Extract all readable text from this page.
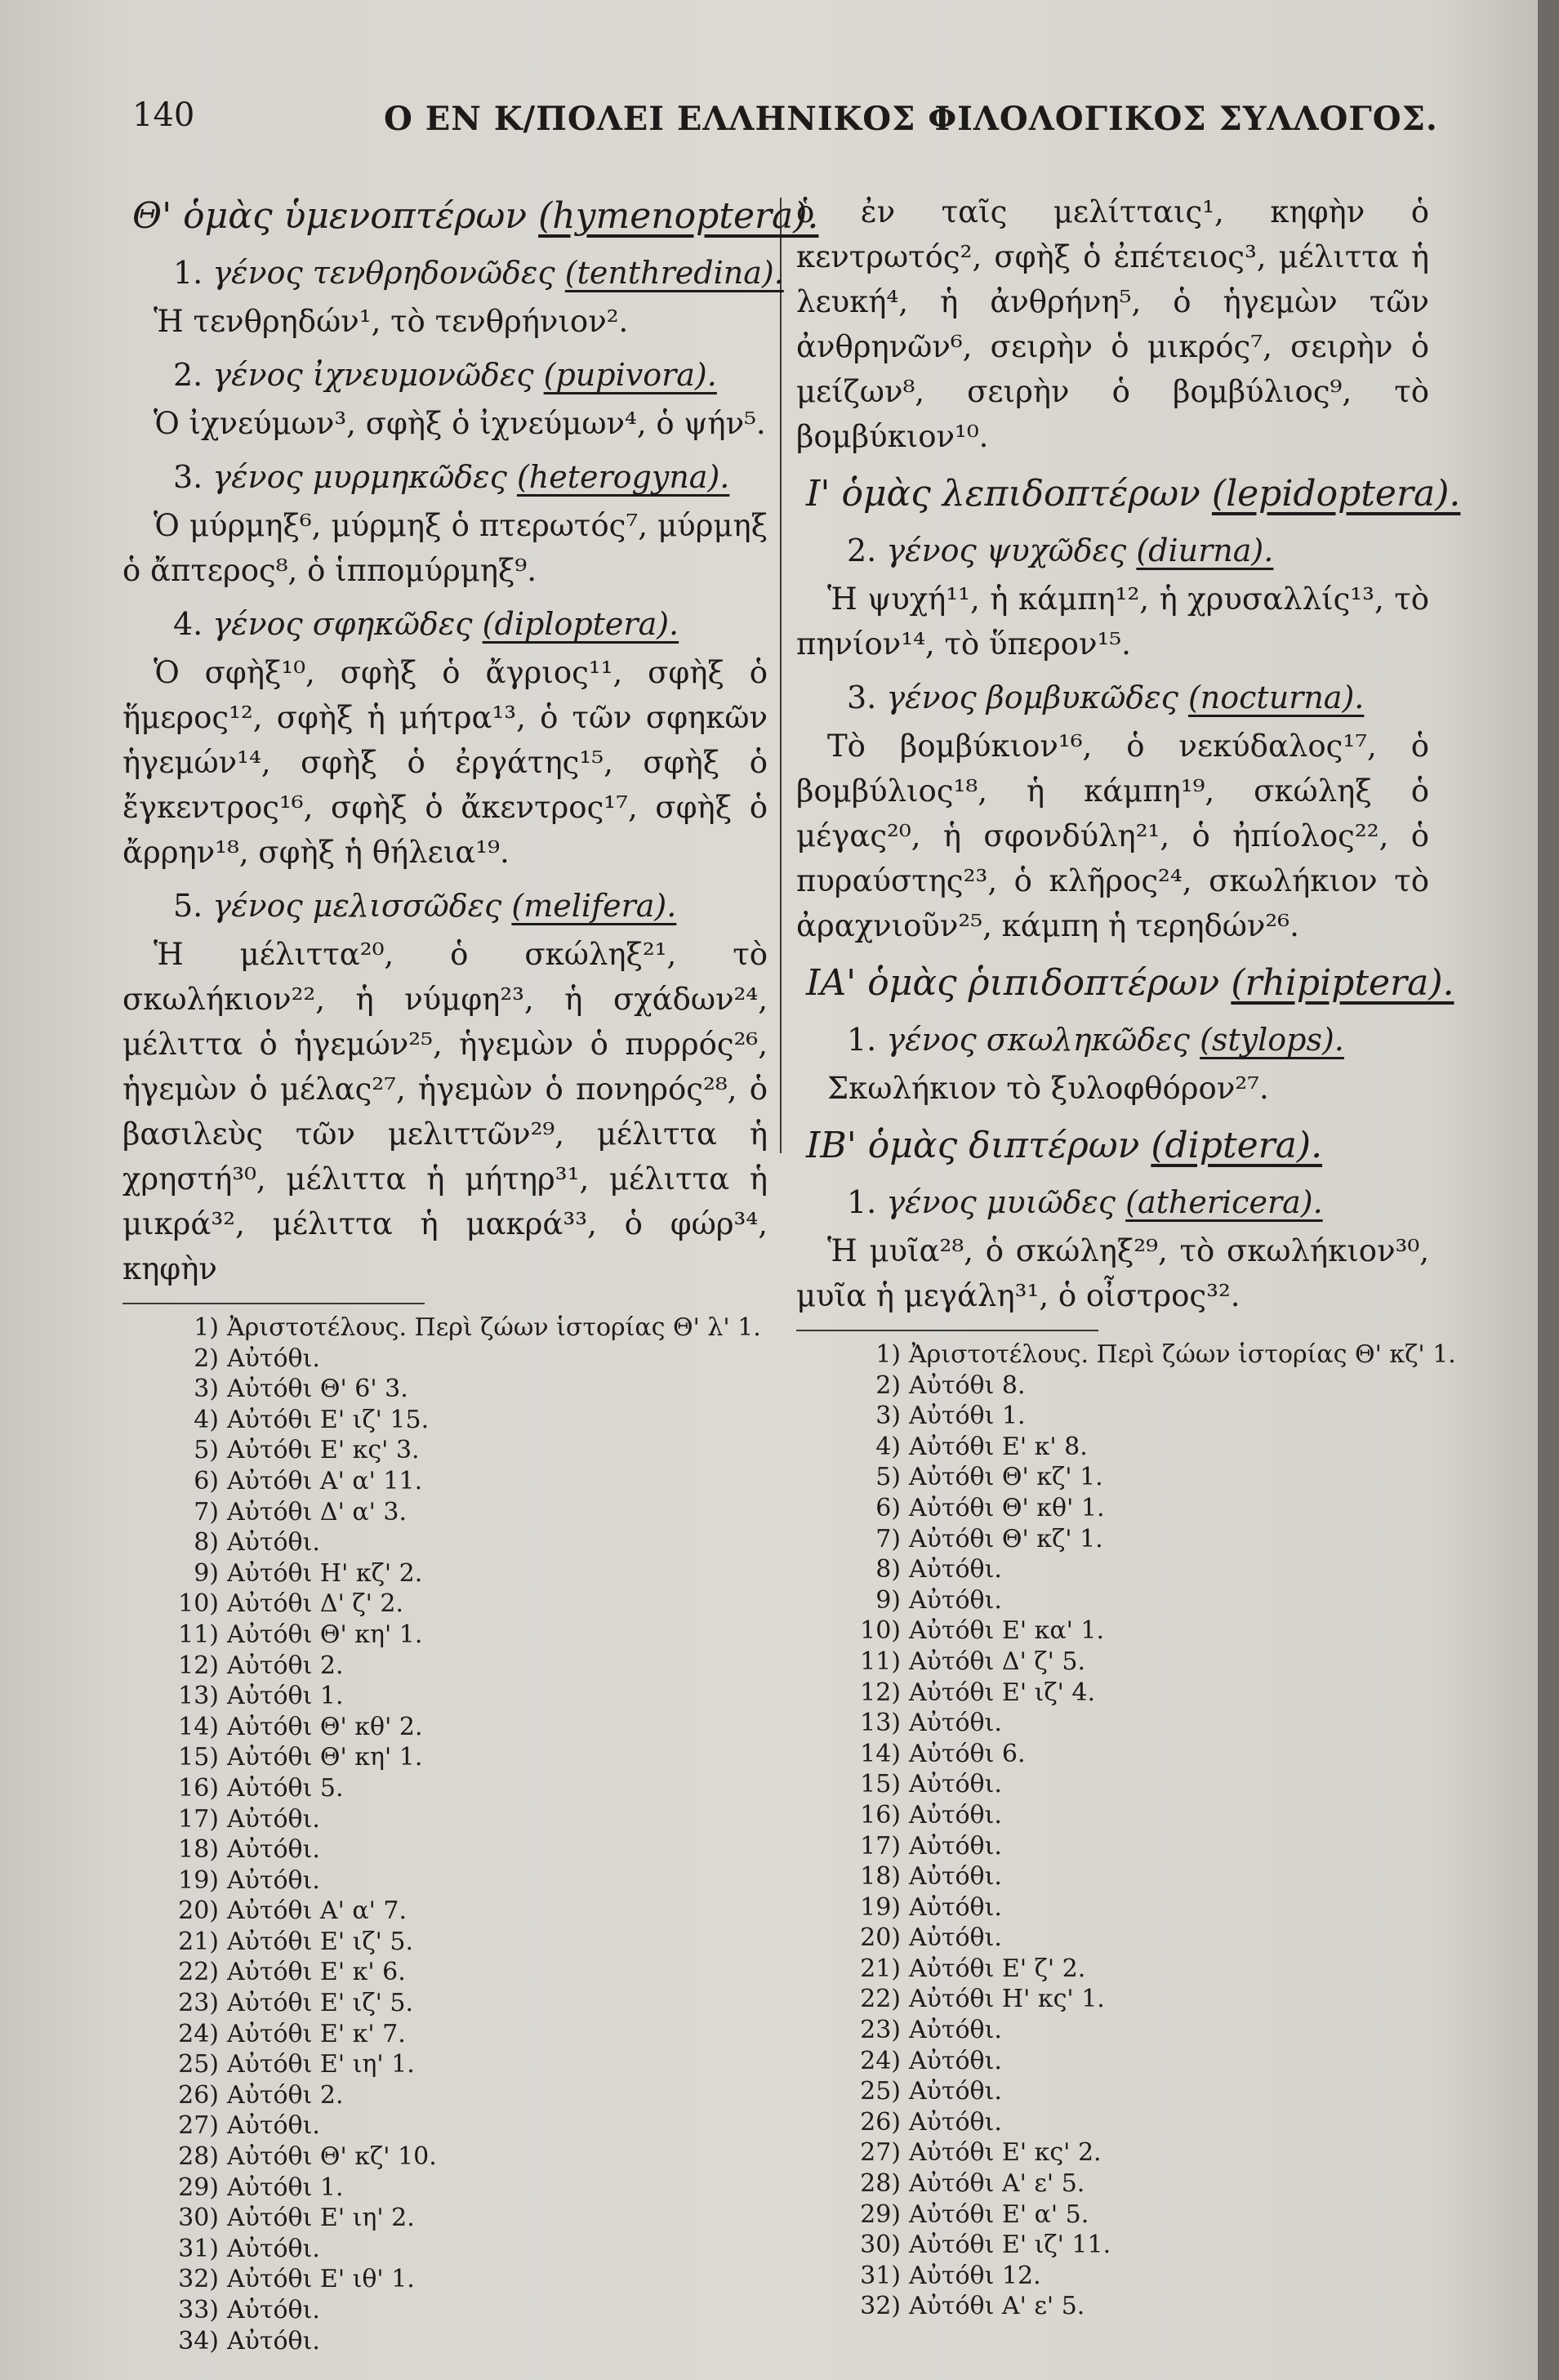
140	Ο ΕΝ Κ/ΠΟΛΕΙ ΕΛΛΗΝΙΚΟΣ ΦΙΛΟΛΟΓΙΚΟΣ ΣΥΛΛΟΓΟΣ.
Θ' ὁμὰς ὑμενοπτέρων (hymenoptera).
1. γένος τενθρηδονῶδες (tenthredina).
Ἡ τενθρηδών¹, τὸ τενθρήνιον².
2. γένος ἰχνευμονῶδες (pupivora).
Ὁ ἰχνεύμων³, σφὴξ ὁ ἰχνεύμων⁴, ὁ ψήν⁵.
3. γένος μυρμηκῶδες (heterogyna).
Ὁ μύρμηξ⁶, μύρμηξ ὁ πτερωτός⁷, μύρμηξ ὁ ἄπτερος⁸, ὁ ἱππομύρμηξ⁹.
4. γένος σφηκῶδες (diploptera).
Ὁ σφὴξ¹⁰, σφὴξ ὁ ἄγριος¹¹, σφὴξ ὁ ἥμερος¹², σφὴξ ἡ μήτρα¹³, ὁ τῶν σφηκῶν ἡγεμών¹⁴, σφὴξ ὁ ἐργάτης¹⁵, σφὴξ ὁ ἔγκεντρος¹⁶, σφὴξ ὁ ἄκεντρος¹⁷, σφὴξ ὁ ἄρρην¹⁸, σφὴξ ἡ θήλεια¹⁹.
5. γένος μελισσῶδες (melifera).
Ἡ μέλιττα²⁰, ὁ σκώληξ²¹, τὸ σκωλήκιον²², ἡ νύμφη²³, ἡ σχάδων²⁴, μέλιττα ὁ ἡγεμών²⁵, ἡγεμὼν ὁ πυρρός²⁶, ἡγεμὼν ὁ μέλας²⁷, ἡγεμὼν ὁ πονηρός²⁸, ὁ βασιλεὺς τῶν μελιττῶν²⁹, μέλιττα ἡ χρηστή³⁰, μέλιττα ἡ μήτηρ³¹, μέλιττα ἡ μικρά³², μέλιττα ἡ μακρά³³, ὁ φώρ³⁴, κηφὴν
1) Ἀριστοτέλους. Περὶ ζώων ἱστορίας Θ' λ' 1.
2) Αὐτόθι.
3) Αὐτόθι Θ' 6' 3.
4) Αὐτόθι Ε' ιζ' 15.
5) Αὐτόθι Ε' κς' 3.
6) Αὐτόθι Α' α' 11.
7) Αὐτόθι Δ' α' 3.
8) Αὐτόθι.
9) Αὐτόθι Η' κζ' 2.
10) Αὐτόθι Δ' ζ' 2.
11) Αὐτόθι Θ' κη' 1.
12) Αὐτόθι 2.
13) Αὐτόθι 1.
14) Αὐτόθι Θ' κθ' 2.
15) Αὐτόθι Θ' κη' 1.
16) Αὐτόθι 5.
17) Αὐτόθι.
18) Αὐτόθι.
19) Αὐτόθι.
20) Αὐτόθι Α' α' 7.
21) Αὐτόθι Ε' ιζ' 5.
22) Αὐτόθι Ε' κ' 6.
23) Αὐτόθι Ε' ιζ' 5.
24) Αὐτόθι Ε' κ' 7.
25) Αὐτόθι Ε' ιη' 1.
26) Αὐτόθι 2.
27) Αὐτόθι.
28) Αὐτόθι Θ' κζ' 10.
29) Αὐτόθι 1.
30) Αὐτόθι Ε' ιη' 2.
31) Αὐτόθι.
32) Αὐτόθι Ε' ιθ' 1.
33) Αὐτόθι.
34) Αὐτόθι.
ὁ ἐν ταῖς μελίτταις¹, κηφὴν ὁ κεντρωτός², σφὴξ ὁ ἐπέτειος³, μέλιττα ἡ λευκή⁴, ἡ ἀνθρήνη⁵, ὁ ἡγεμὼν τῶν ἀνθρηνῶν⁶, σειρὴν ὁ μικρός⁷, σειρὴν ὁ μείζων⁸, σειρὴν ὁ βομβύλιος⁹, τὸ βομβύκιον¹⁰.
Ι' ὁμὰς λεπιδοπτέρων (lepidoptera).
2. γένος ψυχῶδες (diurna).
Ἡ ψυχή¹¹, ἡ κάμπη¹², ἡ χρυσαλλίς¹³, τὸ πηνίον¹⁴, τὸ ὕπερον¹⁵.
3. γένος βομβυκῶδες (nocturna).
Τὸ βομβύκιον¹⁶, ὁ νεκύδαλος¹⁷, ὁ βομβύλιος¹⁸, ἡ κάμπη¹⁹, σκώληξ ὁ μέγας²⁰, ἡ σφονδύλη²¹, ὁ ἠπίολος²², ὁ πυραύστης²³, ὁ κλῆρος²⁴, σκωλήκιον τὸ ἀραχνιοῦν²⁵, κάμπη ἡ τερηδών²⁶.
ΙΑ' ὁμὰς ῥιπιδοπτέρων (rhipiptera).
1. γένος σκωληκῶδες (stylops).
Σκωλήκιον τὸ ξυλοφθόρον²⁷.
ΙΒ' ὁμὰς διπτέρων (diptera).
1. γένος μυιῶδες (athericera).
Ἡ μυῖα²⁸, ὁ σκώληξ²⁹, τὸ σκωλήκιον³⁰, μυῖα ἡ μεγάλη³¹, ὁ οἶστρος³².
1) Ἀριστοτέλους. Περὶ ζώων ἱστορίας Θ' κζ' 1.
2) Αὐτόθι 8.
3) Αὐτόθι 1.
4) Αὐτόθι Ε' κ' 8.
5) Αὐτόθι Θ' κζ' 1.
6) Αὐτόθι Θ' κθ' 1.
7) Αὐτόθι Θ' κζ' 1.
8) Αὐτόθι.
9) Αὐτόθι.
10) Αὐτόθι Ε' κα' 1.
11) Αὐτόθι Δ' ζ' 5.
12) Αὐτόθι Ε' ιζ' 4.
13) Αὐτόθι.
14) Αὐτόθι 6.
15) Αὐτόθι.
16) Αὐτόθι.
17) Αὐτόθι.
18) Αὐτόθι.
19) Αὐτόθι.
20) Αὐτόθι.
21) Αὐτόθι Ε' ζ' 2.
22) Αὐτόθι Η' κς' 1.
23) Αὐτόθι.
24) Αὐτόθι.
25) Αὐτόθι.
26) Αὐτόθι.
27) Αὐτόθι Ε' κς' 2.
28) Αὐτόθι Α' ε' 5.
29) Αὐτόθι Ε' α' 5.
30) Αὐτόθι Ε' ιζ' 11.
31) Αὐτόθι 12.
32) Αὐτόθι Α' ε' 5.
